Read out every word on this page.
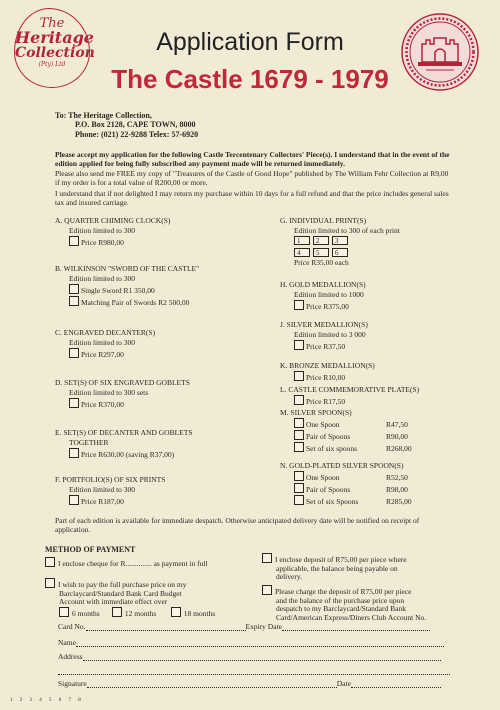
The
Heritage
Collection
(Pty) Ltd
Application Form
The Castle 1679 - 1979
To: The Heritage Collection,
P.O. Box 2128, CAPE TOWN, 8000
Phone: (021) 22-9288 Telex: 57-6920
Please accept my application for the following Castle Tercentenary Collectors' Piece(s). I understand that in the event of the edition applied for being fully subscribed any payment made will be returned immediately.
Please also send me FREE my copy of "Treasures of the Castle of Good Hope" published by The William Fehr Collection at R9,00 if my order is for a total value of R200,00 or more.
I understand that if not delighted I may return my purchase within 10 days for a full refund and that the price includes general sales tax and insured carriage.
A. QUARTER CHIMING CLOCK(S)
Edition limited to 300
Price R980,00
B. WILKINSON "SWORD OF THE CASTLE"
Edition limited to 300
Single Sword R1 350,00
Matching Pair of Swords R2 500,00
C. ENGRAVED DECANTER(S)
Edition limited to 300
Price R297,00
D. SET(S) OF SIX ENGRAVED GOBLETS
Edition limited to 300 sets
Price R370,00
E. SET(S) OF DECANTER AND GOBLETS
TOGETHER
Price R630,00 (saving R37,00)
F. PORTFOLIO(S) OF SIX PRINTS
Edition limited to 300
Price R187,00
G. INDIVIDUAL PRINT(S)
Edition limited to 300 of each print
1 2 3
4 5 6
Price R35,00 each
H. GOLD MEDALLION(S)
Edition limited to 1000
Price R375,00
J. SILVER MEDALLION(S)
Edition limited to 3 000
Price R37,50
K. BRONZE MEDALLION(S)
Price R10,00
L. CASTLE COMMEMORATIVE PLATE(S)
Price R17,50
M. SILVER SPOON(S)
One Spoon	R47,50
Pair of Spoons	R90,00
Set of six spoons	R268,00
N. GOLD-PLATED SILVER SPOON(S)
One Spoon	R52,50
Pair of Spoons	R98,00
Set of six Spoons	R285,00
Part of each edition is available for immediate despatch. Otherwise anticipated delivery date will be notified on receipt of application.
METHOD OF PAYMENT
I enclose cheque for R.............. as payment in full
I wish to pay the full purchase price on my
Barclaycard/Standard Bank Card Budget
Account with immediate effect over
6 months	12 months	18 months
I enclose deposit of R75,00 per piece where
applicable, the balance being payable on
delivery.
Please charge the deposit of R75,00 per piece
and the balance of the purchase price upon
despatch to my Barclaycard/Standard Bank
Card/American Express/Diners Club Account No.
Card No.	Expiry Date
Name
Address
Signature	Date
1 2 3 4 5 6 7 8
